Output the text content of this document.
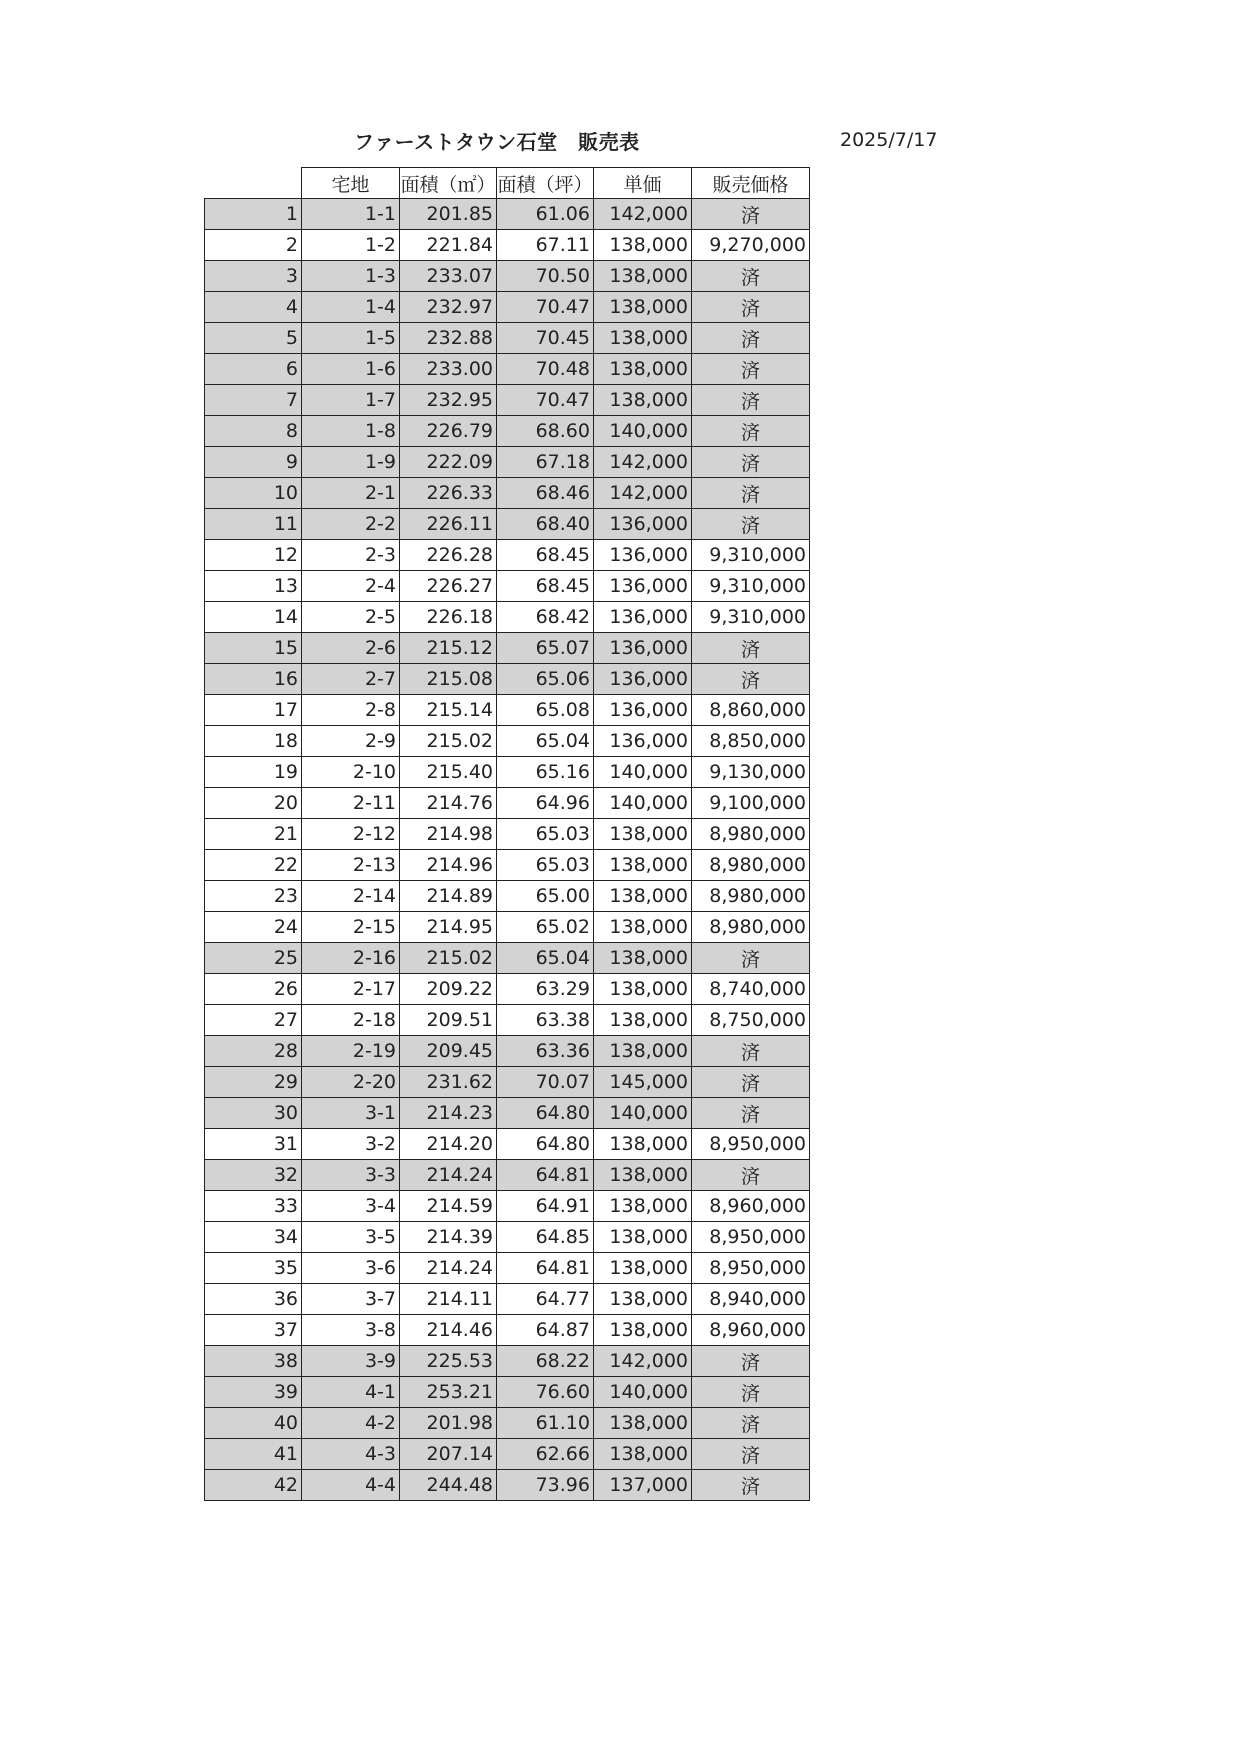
ファーストタウン石堂　販売表	2025/7/17
	宅地	面積（㎡）	面積（坪）	単価	販売価格
1	1-1	201.85	61.06	142,000	済
2	1-2	221.84	67.11	138,000	9,270,000
3	1-3	233.07	70.50	138,000	済
4	1-4	232.97	70.47	138,000	済
5	1-5	232.88	70.45	138,000	済
6	1-6	233.00	70.48	138,000	済
7	1-7	232.95	70.47	138,000	済
8	1-8	226.79	68.60	140,000	済
9	1-9	222.09	67.18	142,000	済
10	2-1	226.33	68.46	142,000	済
11	2-2	226.11	68.40	136,000	済
12	2-3	226.28	68.45	136,000	9,310,000
13	2-4	226.27	68.45	136,000	9,310,000
14	2-5	226.18	68.42	136,000	9,310,000
15	2-6	215.12	65.07	136,000	済
16	2-7	215.08	65.06	136,000	済
17	2-8	215.14	65.08	136,000	8,860,000
18	2-9	215.02	65.04	136,000	8,850,000
19	2-10	215.40	65.16	140,000	9,130,000
20	2-11	214.76	64.96	140,000	9,100,000
21	2-12	214.98	65.03	138,000	8,980,000
22	2-13	214.96	65.03	138,000	8,980,000
23	2-14	214.89	65.00	138,000	8,980,000
24	2-15	214.95	65.02	138,000	8,980,000
25	2-16	215.02	65.04	138,000	済
26	2-17	209.22	63.29	138,000	8,740,000
27	2-18	209.51	63.38	138,000	8,750,000
28	2-19	209.45	63.36	138,000	済
29	2-20	231.62	70.07	145,000	済
30	3-1	214.23	64.80	140,000	済
31	3-2	214.20	64.80	138,000	8,950,000
32	3-3	214.24	64.81	138,000	済
33	3-4	214.59	64.91	138,000	8,960,000
34	3-5	214.39	64.85	138,000	8,950,000
35	3-6	214.24	64.81	138,000	8,950,000
36	3-7	214.11	64.77	138,000	8,940,000
37	3-8	214.46	64.87	138,000	8,960,000
38	3-9	225.53	68.22	142,000	済
39	4-1	253.21	76.60	140,000	済
40	4-2	201.98	61.10	138,000	済
41	4-3	207.14	62.66	138,000	済
42	4-4	244.48	73.96	137,000	済
